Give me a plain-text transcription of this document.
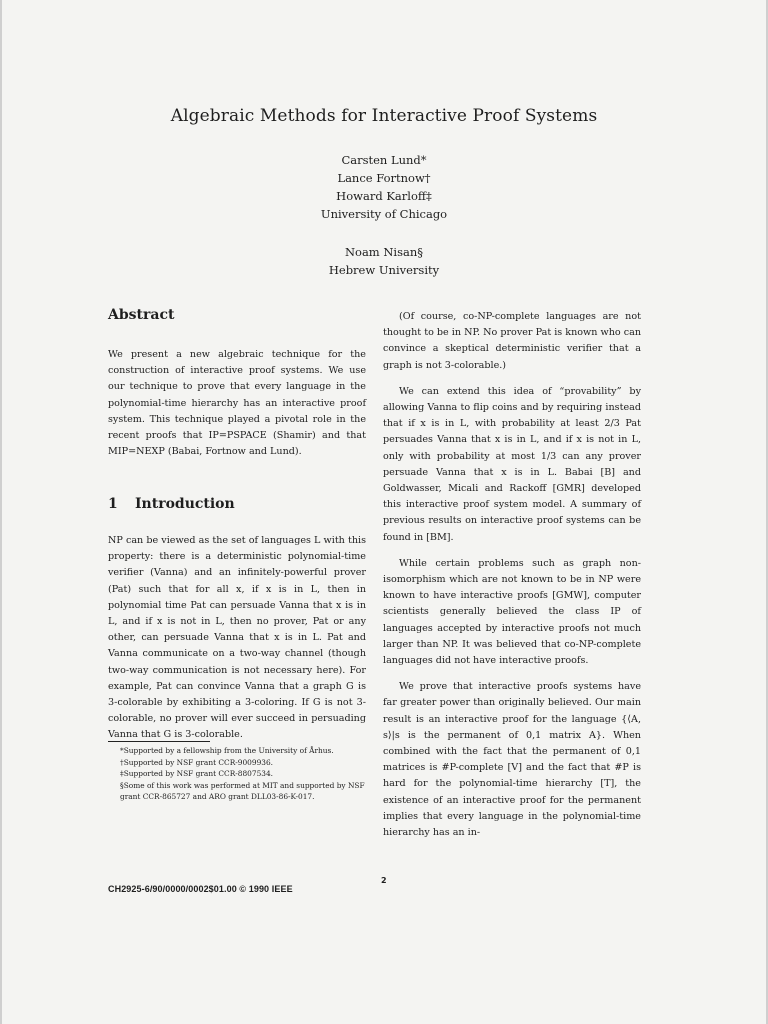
Algebraic Methods for Interactive Proof Systems
Carsten Lund*
Lance Fortnow†
Howard Karloff‡
University of Chicago
Noam Nisan§
Hebrew University
Abstract

We present a new algebraic technique for the construction of interactive proof systems. We use our technique to prove that every language in the polynomial-time hierarchy has an interactive proof system. This technique played a pivotal role in the recent proofs that IP=PSPACE (Shamir) and that MIP=NEXP (Babai, Fortnow and Lund).

1 Introduction

NP can be viewed as the set of languages L with this property: there is a deterministic polynomial-time verifier (Vanna) and an infinitely-powerful prover (Pat) such that for all x, if x is in L, then in polynomial time Pat can persuade Vanna that x is in L, and if x is not in L, then no prover, Pat or any other, can persuade Vanna that x is in L. Pat and Vanna communicate on a two-way channel (though two-way communication is not necessary here). For example, Pat can convince Vanna that a graph G is 3-colorable by exhibiting a 3-coloring. If G is not 3-colorable, no prover will ever succeed in persuading Vanna that G is 3-colorable.

*Supported by a fellowship from the University of Århus.
†Supported by NSF grant CCR-9009936.
‡Supported by NSF grant CCR-8807534.
§Some of this work was performed at MIT and supported by NSF grant CCR-865727 and ARO grant DLL03-86-K-017.

(Of course, co-NP-complete languages are not thought to be in NP. No prover Pat is known who can convince a skeptical deterministic verifier that a graph is not 3-colorable.)

We can extend this idea of “provability” by allowing Vanna to flip coins and by requiring instead that if x is in L, with probability at least 2/3 Pat persuades Vanna that x is in L, and if x is not in L, only with probability at most 1/3 can any prover persuade Vanna that x is in L. Babai [B] and Goldwasser, Micali and Rackoff [GMR] developed this interactive proof system model. A summary of previous results on interactive proof systems can be found in [BM].

While certain problems such as graph non-isomorphism which are not known to be in NP were known to have interactive proofs [GMW], computer scientists generally believed the class IP of languages accepted by interactive proofs not much larger than NP. It was believed that co-NP-complete languages did not have interactive proofs.

We prove that interactive proofs systems have far greater power than originally believed. Our main result is an interactive proof for the language {⟨A, s⟩|s is the permanent of 0,1 matrix A}. When combined with the fact that the permanent of 0,1 matrices is #P-complete [V] and the fact that #P is hard for the polynomial-time hierarchy [T], the existence of an interactive proof for the permanent implies that every language in the polynomial-time hierarchy has an in-

2
CH2925-6/90/0000/0002$01.00 © 1990 IEEE
